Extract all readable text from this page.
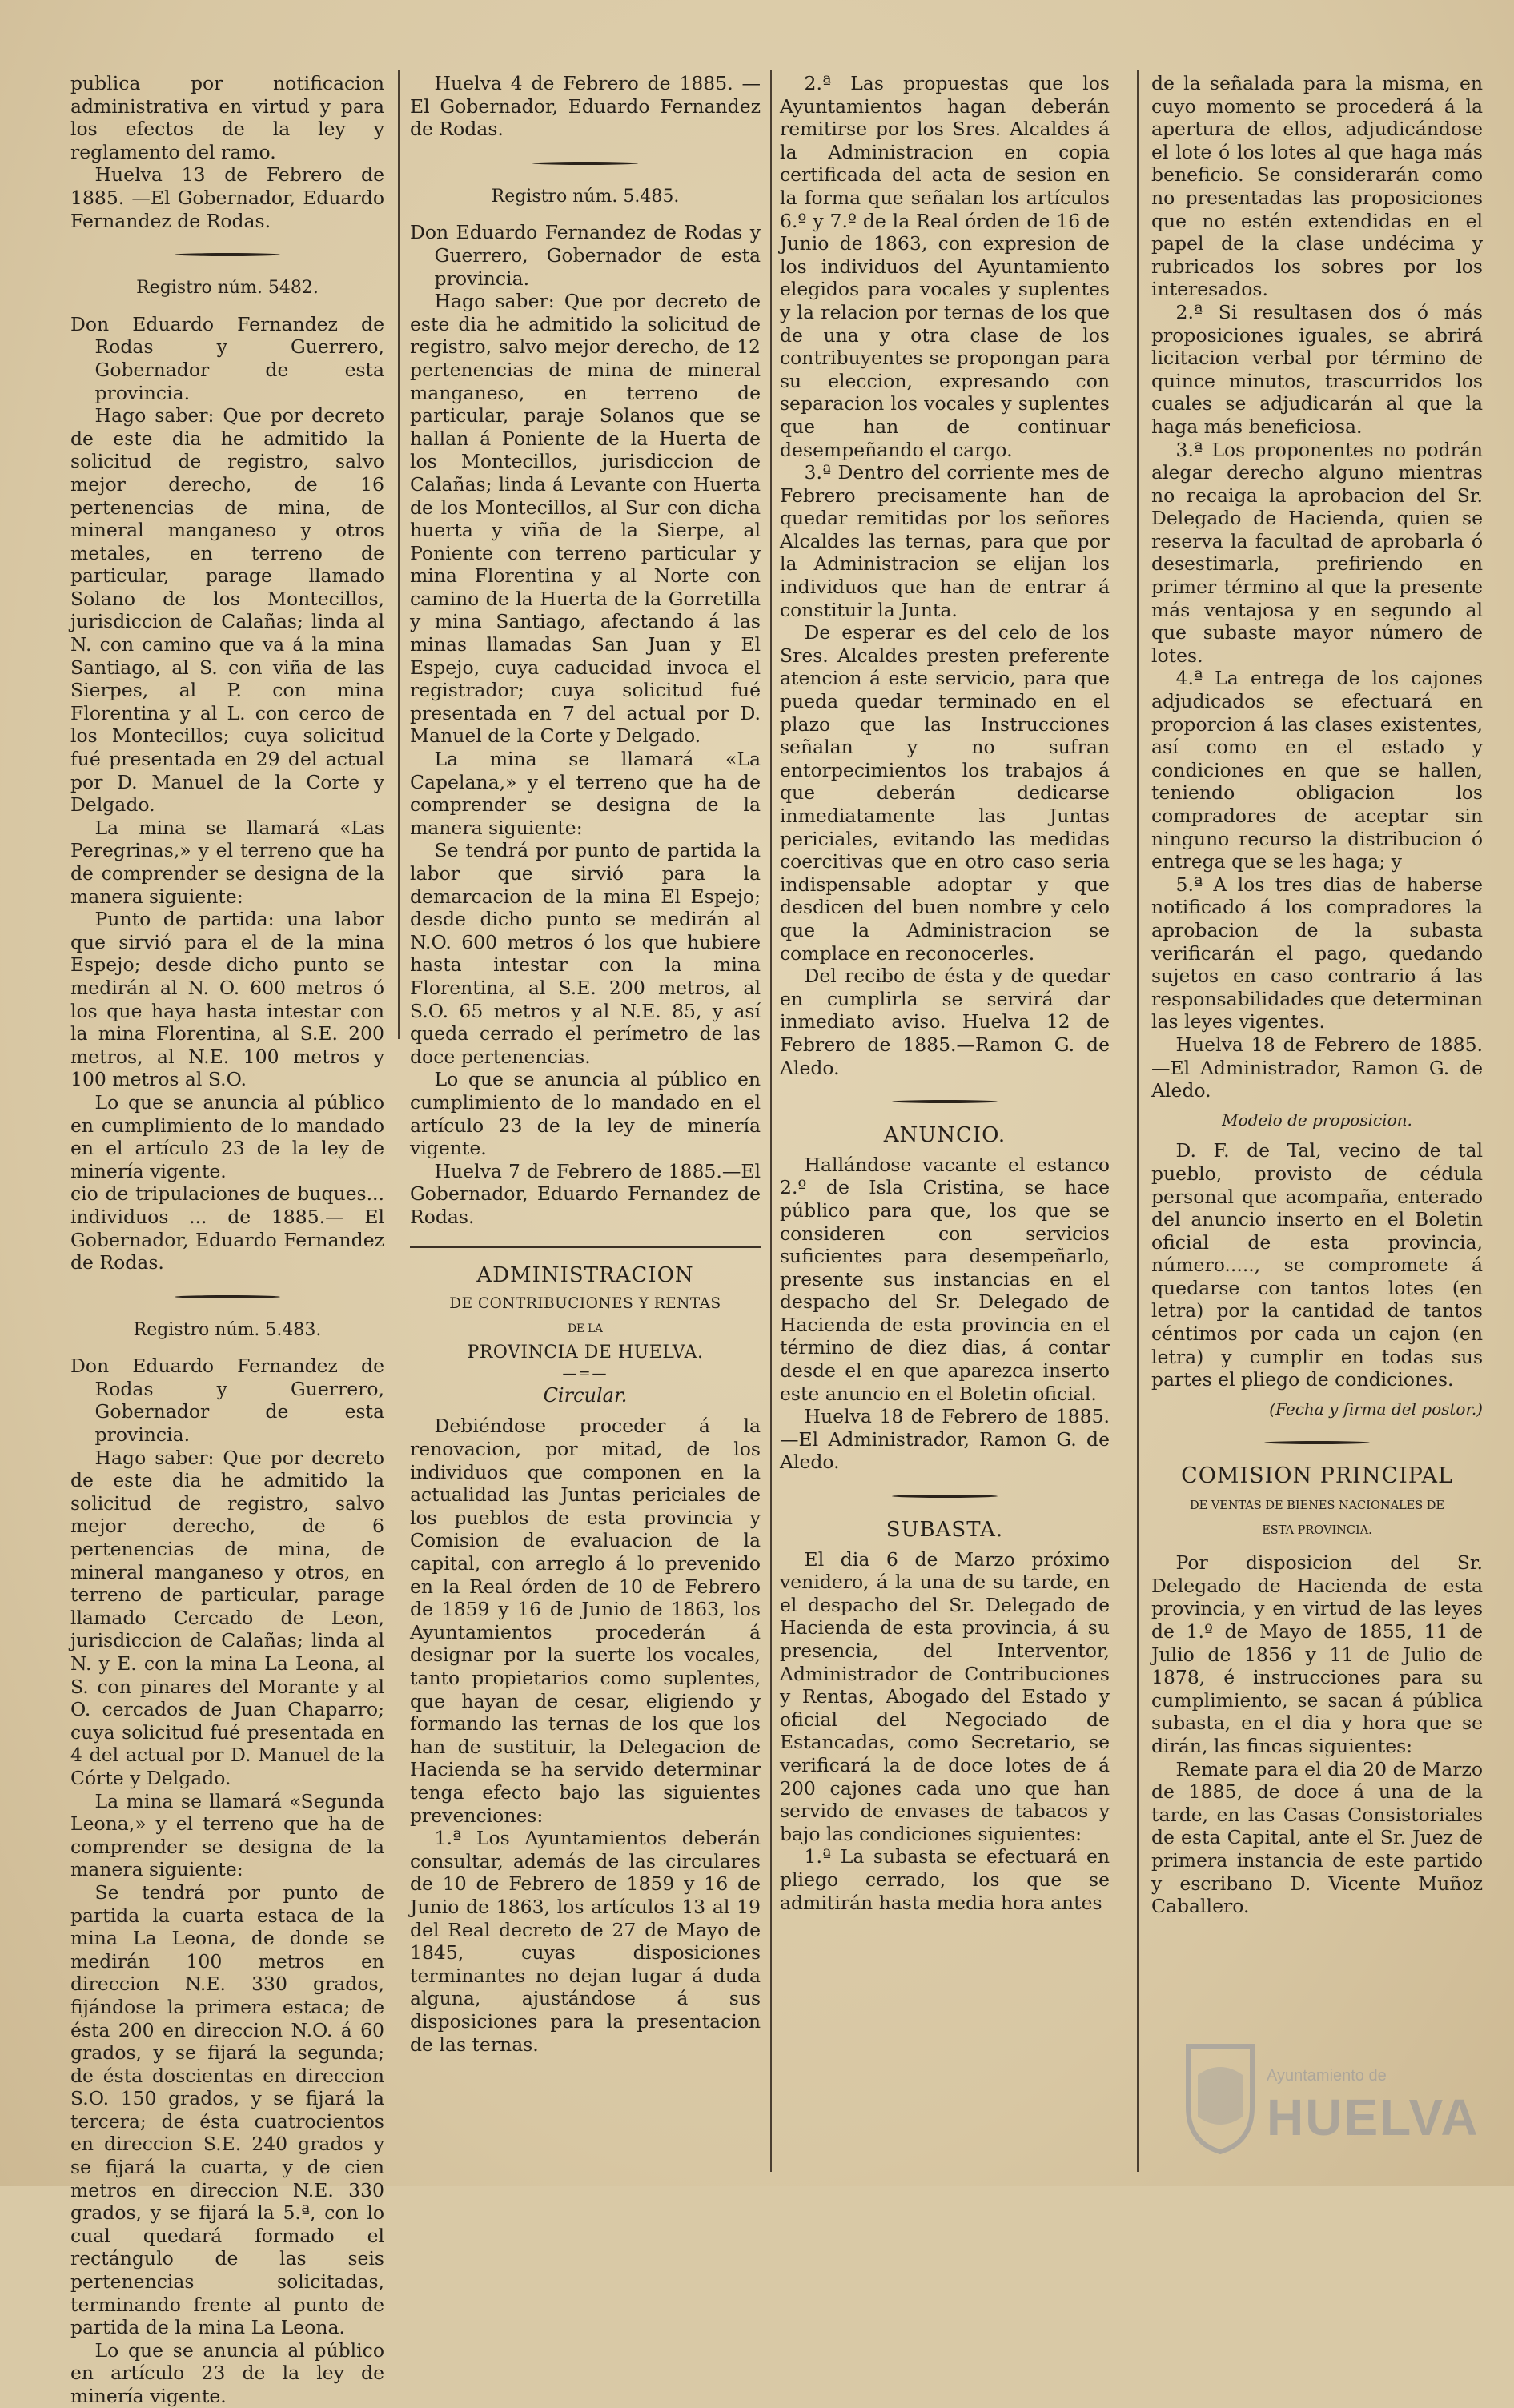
publica por notificacion administrativa en virtud y para los efectos de la ley y reglamento del ramo.

Huelva 13 de Febrero de 1885. —El Gobernador, Eduardo Fernandez de Rodas.

Registro núm. 5482.

Don Eduardo Fernandez de Rodas y Guerrero, Gobernador de esta provincia.

Hago saber: Que por decreto de este dia he admitido la solicitud de registro, salvo mejor derecho, de 16 pertenencias de mina, de mineral manganeso y otros metales, en terreno de particular, parage llamado Solano de los Montecillos, jurisdiccion de Calañas; linda al N. con camino que va á la mina Santiago, al S. con viña de las Sierpes, al P. con mina Florentina y al L. con cerco de los Montecillos; cuya solicitud fué presentada en 29 del actual por D. Manuel de la Corte y Delgado.

La mina se llamará «Las Peregrinas,» y el terreno que ha de comprender se designa de la manera siguiente:

Punto de partida: una labor que sirvió para el de la mina Espejo; desde dicho punto se medirán al N. O. 600 metros ó los que haya hasta intestar con la mina Florentina, al S.E. 200 metros, al N.E. 100 metros y 100 metros al S.O.

Lo que se anuncia al público en cumplimiento de lo mandado en el artículo 23 de la ley de minería vigente.

cio de tripulaciones de buques... individuos ... de 1885.— El Gobernador, Eduardo Fernandez de Rodas.

Registro núm. 5.483.

Don Eduardo Fernandez de Rodas y Guerrero, Gobernador de esta provincia.

Hago saber: Que por decreto de este dia he admitido la solicitud de registro, salvo mejor derecho, de 6 pertenencias de mina, de mineral manganeso y otros, en terreno de particular, parage llamado Cercado de Leon, jurisdiccion de Calañas; linda al N. y E. con la mina La Leona, al S. con pinares del Morante y al O. cercados de Juan Chaparro; cuya solicitud fué presentada en 4 del actual por D. Manuel de la Córte y Delgado.

La mina se llamará «Segunda Leona,» y el terreno que ha de comprender se designa de la manera siguiente:

Se tendrá por punto de partida la cuarta estaca de la mina La Leona, de donde se medirán 100 metros en direccion N.E. 330 grados, fijándose la primera estaca; de ésta 200 en direccion N.O. á 60 grados, y se fijará la segunda; de ésta doscientas en direccion S.O. 150 grados, y se fijará la tercera; de ésta cuatrocientos en direccion S.E. 240 grados y se fijará la cuarta, y de cien metros en direccion N.E. 330 grados, y se fijará la 5.ª, con lo cual quedará formado el rectángulo de las seis pertenencias solicitadas, terminando frente al punto de partida de la mina La Leona.

Lo que se anuncia al público en artículo 23 de la ley de minería vigente.

Huelva 4 de Febrero de 1885. —El Gobernador, Eduardo Fernandez de Rodas.

Registro núm. 5.485.

Don Eduardo Fernandez de Rodas y Guerrero, Gobernador de esta provincia.

Hago saber: Que por decreto de este dia he admitido la solicitud de registro, salvo mejor derecho, de 12 pertenencias de mina de mineral manganeso, en terreno de particular, paraje Solanos que se hallan á Poniente de la Huerta de los Montecillos, jurisdiccion de Calañas; linda á Levante con Huerta de los Montecillos, al Sur con dicha huerta y viña de la Sierpe, al Poniente con terreno particular y mina Florentina y al Norte con camino de la Huerta de la Gorretilla y mina Santiago, afectando á las minas llamadas San Juan y El Espejo, cuya caducidad invoca el registrador; cuya solicitud fué presentada en 7 del actual por D. Manuel de la Corte y Delgado.

La mina se llamará «La Capelana,» y el terreno que ha de comprender se designa de la manera siguiente:

Se tendrá por punto de partida la labor que sirvió para la demarcacion de la mina El Espejo; desde dicho punto se medirán al N.O. 600 metros ó los que hubiere hasta intestar con la mina Florentina, al S.E. 200 metros, al S.O. 65 metros y al N.E. 85, y así queda cerrado el perímetro de las doce pertenencias.

Lo que se anuncia al público en cumplimiento de lo mandado en el artículo 23 de la ley de minería vigente.

Huelva 7 de Febrero de 1885.—El Gobernador, Eduardo Fernandez de Rodas.

ADMINISTRACION
DE CONTRIBUCIONES Y RENTAS
DE LA
PROVINCIA DE HUELVA.
—=—
Circular.

Debiéndose proceder á la renovacion, por mitad, de los individuos que componen en la actualidad las Juntas periciales de los pueblos de esta provincia y Comision de evaluacion de la capital, con arreglo á lo prevenido en la Real órden de 10 de Febrero de 1859 y 16 de Junio de 1863, los Ayuntamientos procederán á designar por la suerte los vocales, tanto propietarios como suplentes, que hayan de cesar, eligiendo y formando las ternas de los que los han de sustituir, la Delegacion de Hacienda se ha servido determinar tenga efecto bajo las siguientes prevenciones:

1.ª Los Ayuntamientos deberán consultar, además de las circulares de 10 de Febrero de 1859 y 16 de Junio de 1863, los artículos 13 al 19 del Real decreto de 27 de Mayo de 1845, cuyas disposiciones terminantes no dejan lugar á duda alguna, ajustándose á sus disposiciones para la presentacion de las ternas.

2.ª Las propuestas que los Ayuntamientos hagan deberán remitirse por los Sres. Alcaldes á la Administracion en copia certificada del acta de sesion en la forma que señalan los artículos 6.º y 7.º de la Real órden de 16 de Junio de 1863, con expresion de los individuos del Ayuntamiento elegidos para vocales y suplentes y la relacion por ternas de los que de una y otra clase de los contribuyentes se propongan para su eleccion, expresando con separacion los vocales y suplentes que han de continuar desempeñando el cargo.

3.ª Dentro del corriente mes de Febrero precisamente han de quedar remitidas por los señores Alcaldes las ternas, para que por la Administracion se elijan los individuos que han de entrar á constituir la Junta.

De esperar es del celo de los Sres. Alcaldes presten preferente atencion á este servicio, para que pueda quedar terminado en el plazo que las Instrucciones señalan y no sufran entorpecimientos los trabajos á que deberán dedicarse inmediatamente las Juntas periciales, evitando las medidas coercitivas que en otro caso seria indispensable adoptar y que desdicen del buen nombre y celo que la Administracion se complace en reconocerles.

Del recibo de ésta y de quedar en cumplirla se servirá dar inmediato aviso. Huelva 12 de Febrero de 1885.—Ramon G. de Aledo.

ANUNCIO.

Hallándose vacante el estanco 2.º de Isla Cristina, se hace público para que, los que se consideren con servicios suficientes para desempeñarlo, presente sus instancias en el despacho del Sr. Delegado de Hacienda de esta provincia en el término de diez dias, á contar desde el en que aparezca inserto este anuncio en el Boletin oficial.

Huelva 18 de Febrero de 1885. —El Administrador, Ramon G. de Aledo.

SUBASTA.

El dia 6 de Marzo próximo venidero, á la una de su tarde, en el despacho del Sr. Delegado de Hacienda de esta provincia, á su presencia, del Interventor, Administrador de Contribuciones y Rentas, Abogado del Estado y oficial del Negociado de Estancadas, como Secretario, se verificará la de doce lotes de á 200 cajones cada uno que han servido de envases de tabacos y bajo las condiciones siguientes:

1.ª La subasta se efectuará en pliego cerrado, los que se admitirán hasta media hora antes

de la señalada para la misma, en cuyo momento se procederá á la apertura de ellos, adjudicándose el lote ó los lotes al que haga más beneficio. Se considerarán como no presentadas las proposiciones que no estén extendidas en el papel de la clase undécima y rubricados los sobres por los interesados.

2.ª Si resultasen dos ó más proposiciones iguales, se abrirá licitacion verbal por término de quince minutos, trascurridos los cuales se adjudicarán al que la haga más beneficiosa.

3.ª Los proponentes no podrán alegar derecho alguno mientras no recaiga la aprobacion del Sr. Delegado de Hacienda, quien se reserva la facultad de aprobarla ó desestimarla, prefiriendo en primer término al que la presente más ventajosa y en segundo al que subaste mayor número de lotes.

4.ª La entrega de los cajones adjudicados se efectuará en proporcion á las clases existentes, así como en el estado y condiciones en que se hallen, teniendo obligacion los compradores de aceptar sin ninguno recurso la distribucion ó entrega que se les haga; y

5.ª A los tres dias de haberse notificado á los compradores la aprobacion de la subasta verificarán el pago, quedando sujetos en caso contrario á las responsabilidades que determinan las leyes vigentes.

Huelva 18 de Febrero de 1885. —El Administrador, Ramon G. de Aledo.

Modelo de proposicion.

D. F. de Tal, vecino de tal pueblo, provisto de cédula personal que acompaña, enterado del anuncio inserto en el Boletin oficial de esta provincia, número....., se compromete á quedarse con tantos lotes (en letra) por la cantidad de tantos céntimos por cada un cajon (en letra) y cumplir en todas sus partes el pliego de condiciones.

(Fecha y firma del postor.)
COMISION PRINCIPAL
DE VENTAS DE BIENES NACIONALES DE
ESTA PROVINCIA.

Por disposicion del Sr. Delegado de Hacienda de esta provincia, y en virtud de las leyes de 1.º de Mayo de 1855, 11 de Julio de 1856 y 11 de Julio de 1878, é instrucciones para su cumplimiento, se sacan á pública subasta, en el dia y hora que se dirán, las fincas siguientes:

Remate para el dia 20 de Marzo de 1885, de doce á una de la tarde, en las Casas Consistoriales de esta Capital, ante el Sr. Juez de primera instancia de este partido y escribano D. Vicente Muñoz Caballero.

Ayuntamiento de
HUELVA
